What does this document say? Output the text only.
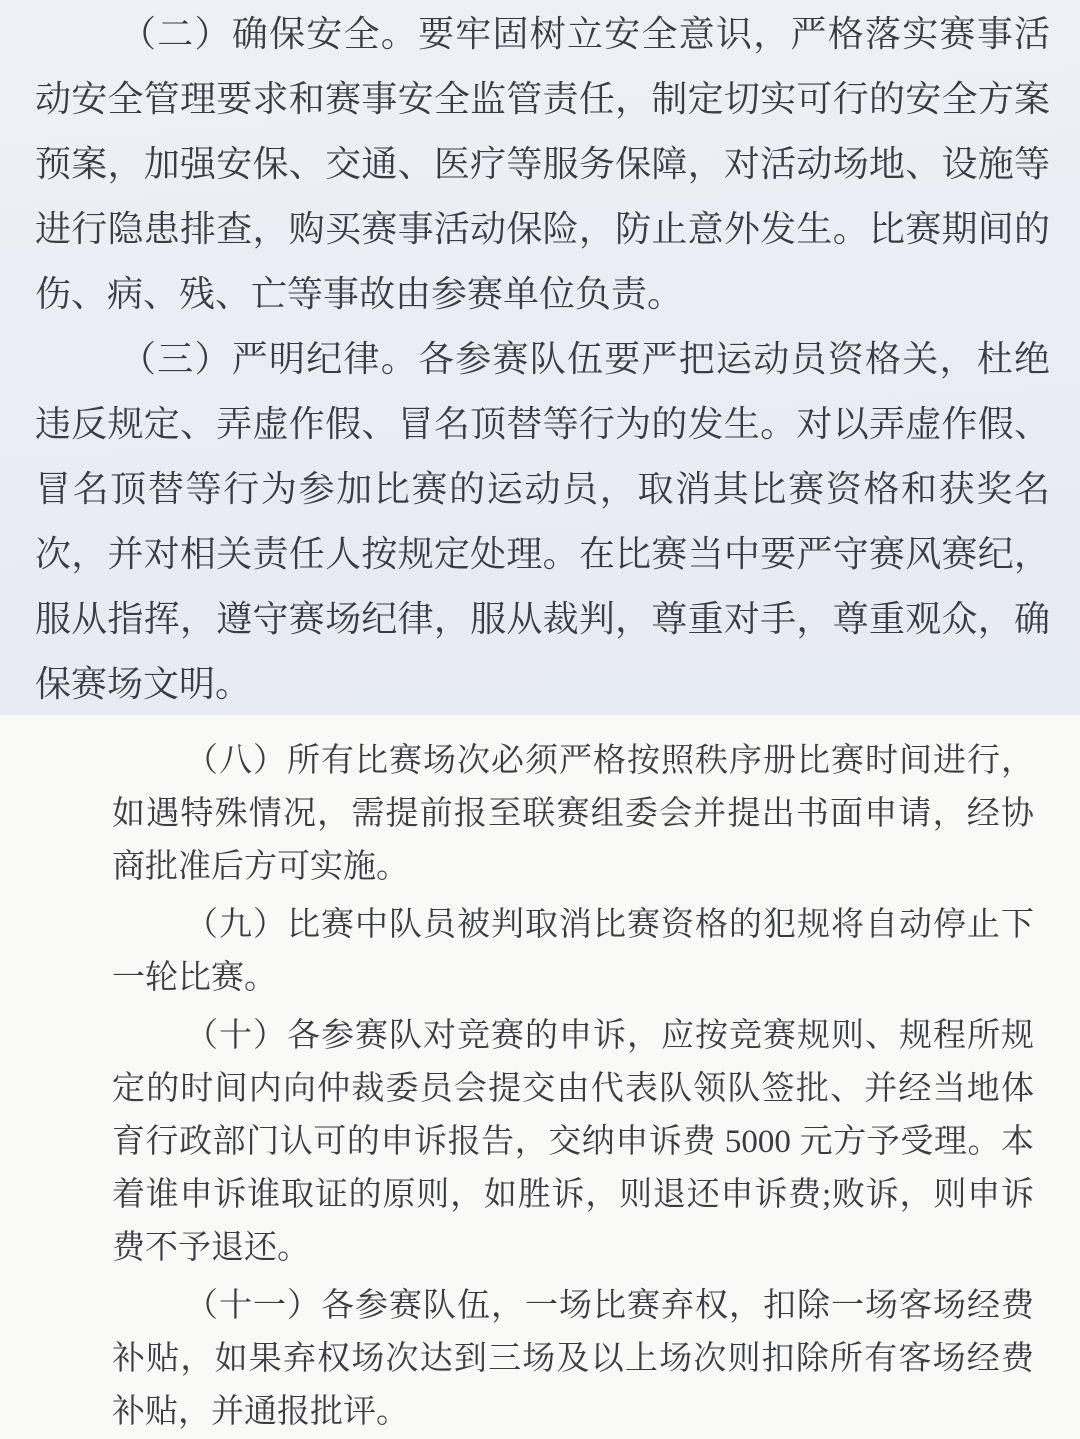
（二）确保安全。要牢固树立安全意识，严格落实赛事活动安全管理要求和赛事安全监管责任，制定切实可行的安全方案预案，加强安保、交通、医疗等服务保障，对活动场地、设施等进行隐患排查，购买赛事活动保险，防止意外发生。比赛期间的伤、病、残、亡等事故由参赛单位负责。

（三）严明纪律。各参赛队伍要严把运动员资格关，杜绝违反规定、弄虚作假、冒名顶替等行为的发生。对以弄虚作假、冒名顶替等行为参加比赛的运动员，取消其比赛资格和获奖名次，并对相关责任人按规定处理。在比赛当中要严守赛风赛纪，服从指挥，遵守赛场纪律，服从裁判，尊重对手，尊重观众，确保赛场文明。

（八）所有比赛场次必须严格按照秩序册比赛时间进行，如遇特殊情况，需提前报至联赛组委会并提出书面申请，经协商批准后方可实施。

（九）比赛中队员被判取消比赛资格的犯规将自动停止下一轮比赛。

（十）各参赛队对竞赛的申诉，应按竞赛规则、规程所规定的时间内向仲裁委员会提交由代表队领队签批、并经当地体育行政部门认可的申诉报告，交纳申诉费 5000 元方予受理。本着谁申诉谁取证的原则，如胜诉，则退还申诉费;败诉，则申诉费不予退还。

（十一）各参赛队伍，一场比赛弃权，扣除一场客场经费补贴，如果弃权场次达到三场及以上场次则扣除所有客场经费补贴，并通报批评。
